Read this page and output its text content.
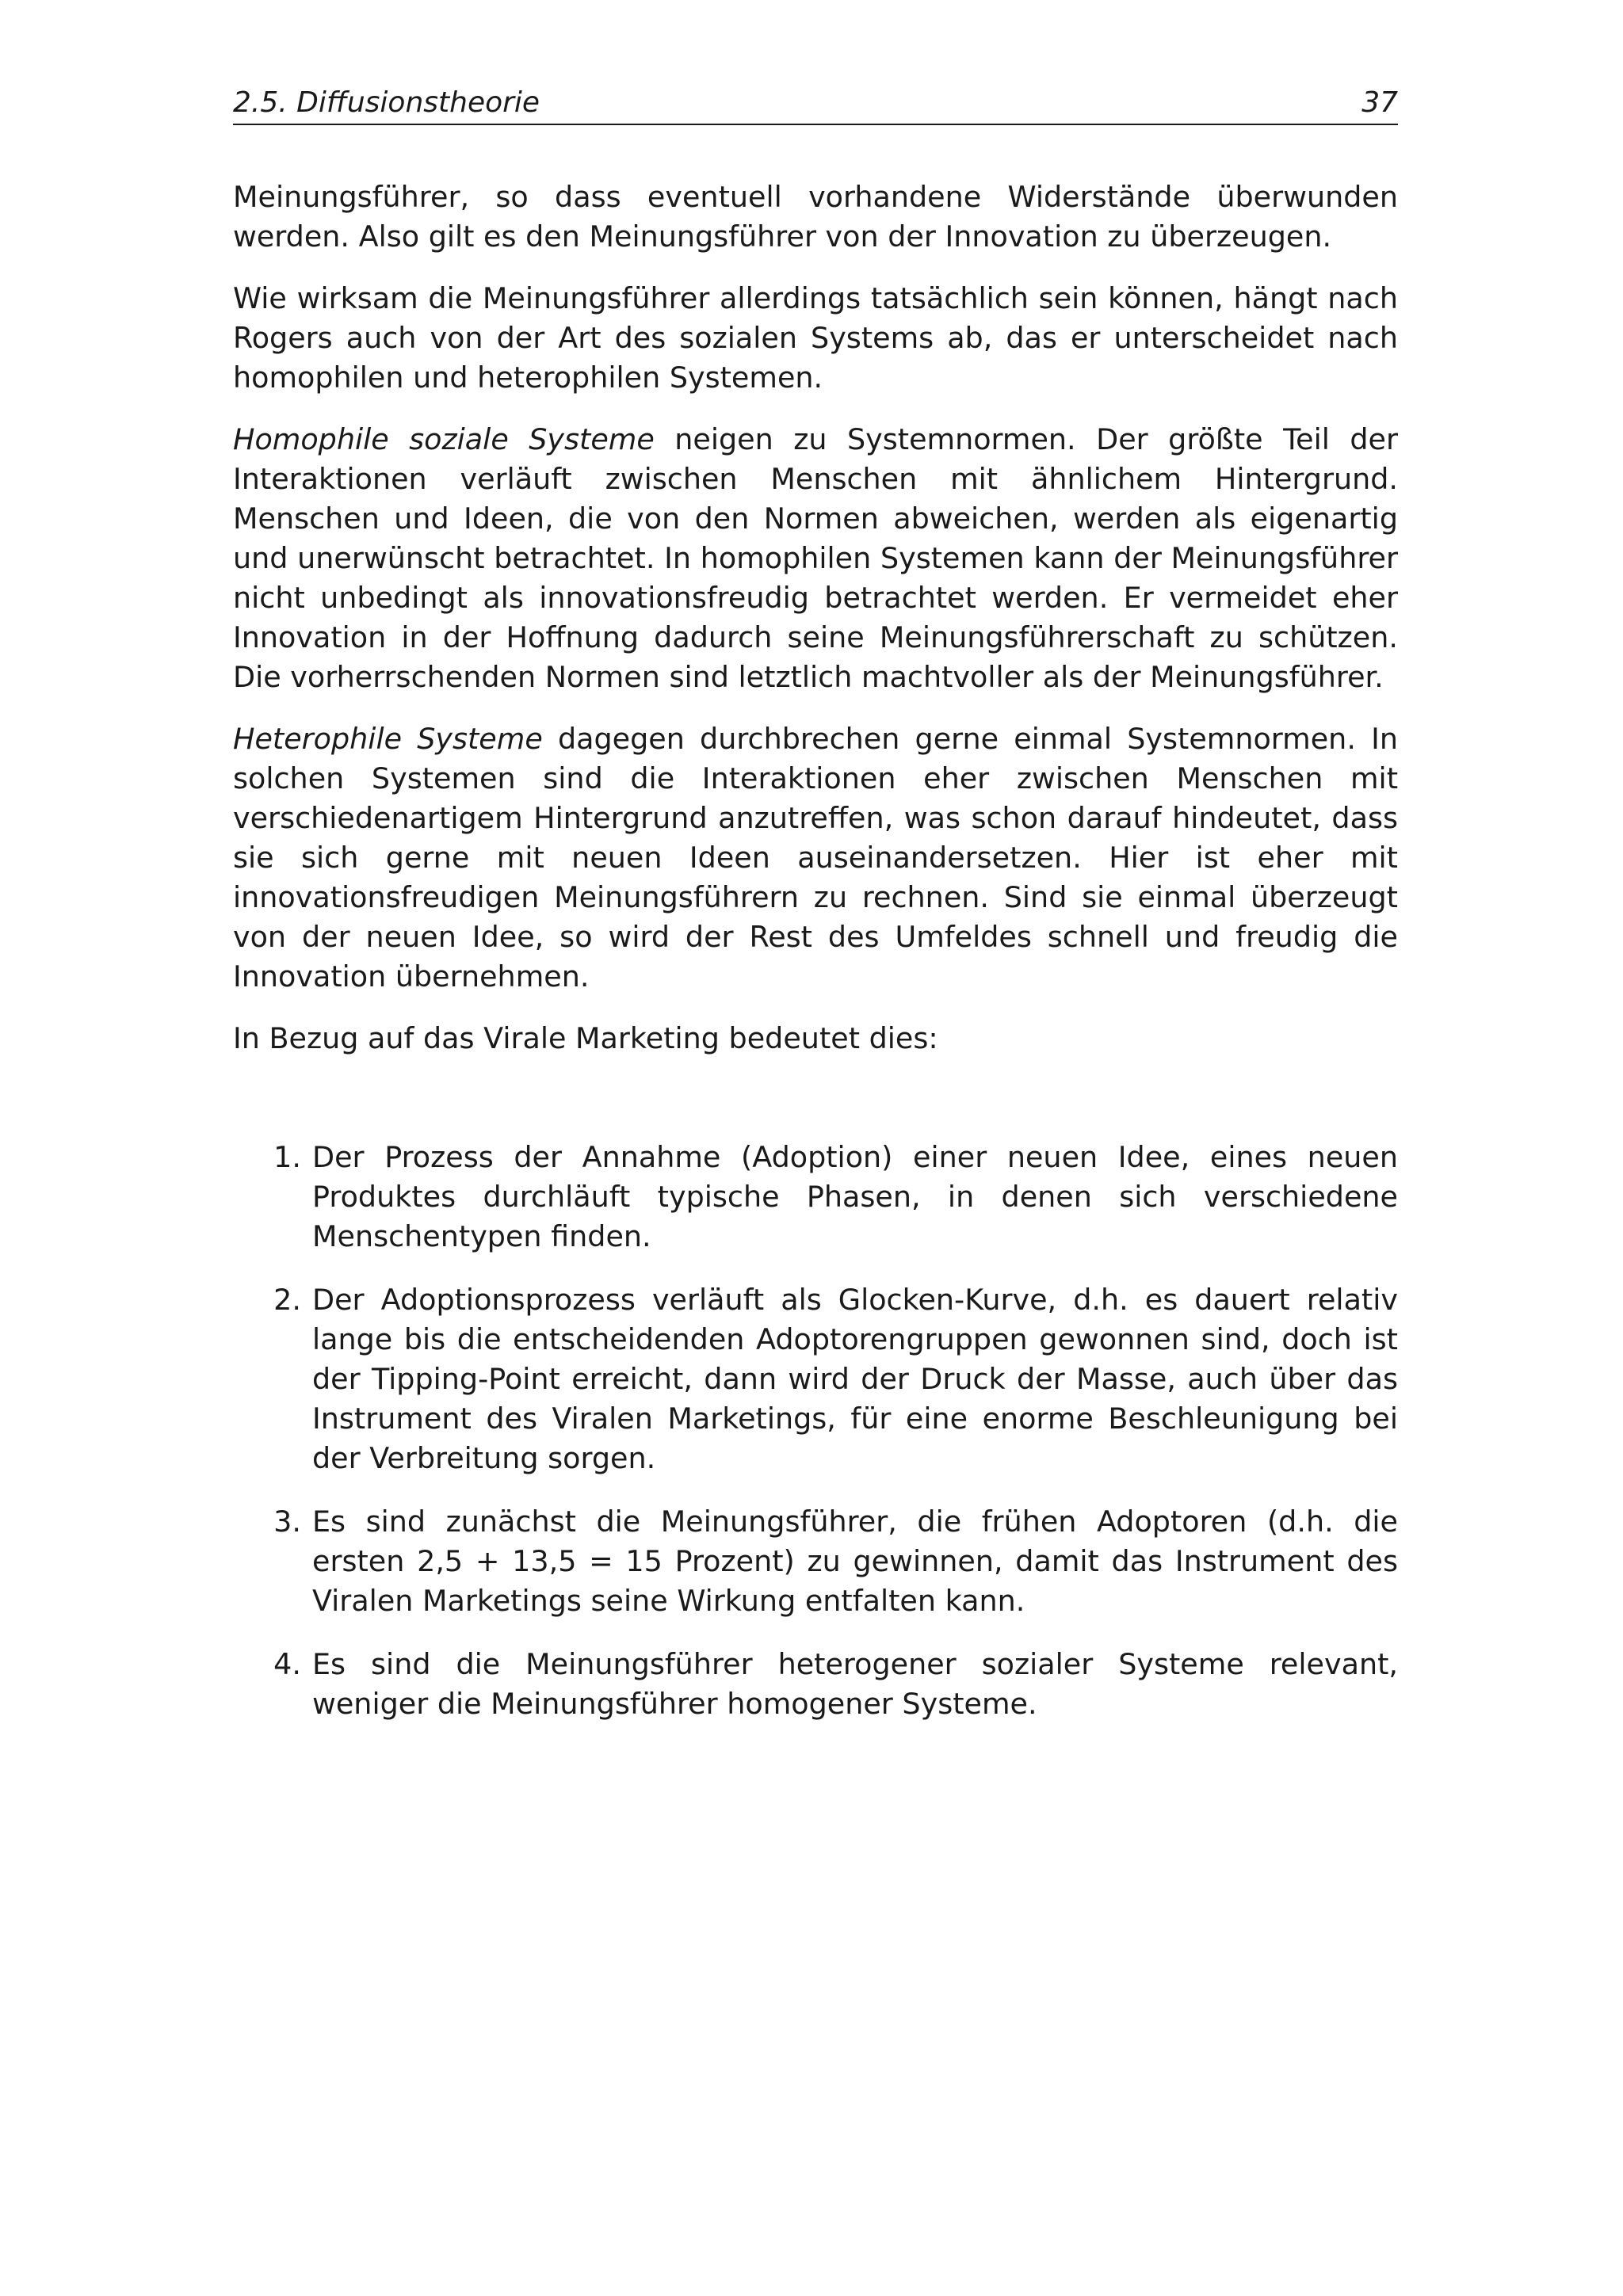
2.5. Diffusionstheorie	37

Meinungsführer, so dass eventuell vorhandene Widerstände überwunden werden. Also gilt es den Meinungsführer von der Innovation zu überzeugen.

Wie wirksam die Meinungsführer allerdings tatsächlich sein können, hängt nach Rogers auch von der Art des sozialen Systems ab, das er unterscheidet nach homophilen und heterophilen Systemen.

Homophile soziale Systeme neigen zu Systemnormen. Der größte Teil der Interaktionen verläuft zwischen Menschen mit ähnlichem Hintergrund. Menschen und Ideen, die von den Normen abweichen, werden als eigenartig und unerwünscht betrachtet. In homophilen Systemen kann der Meinungsführer nicht unbedingt als innovationsfreudig betrachtet werden. Er vermeidet eher Innovation in der Hoffnung dadurch seine Meinungsführerschaft zu schützen. Die vorherrschenden Normen sind letztlich machtvoller als der Meinungsführer.

Heterophile Systeme dagegen durchbrechen gerne einmal Systemnormen. In solchen Systemen sind die Interaktionen eher zwischen Menschen mit verschiedenartigem Hintergrund anzutreffen, was schon darauf hindeutet, dass sie sich gerne mit neuen Ideen auseinandersetzen. Hier ist eher mit innovationsfreudigen Meinungsführern zu rechnen. Sind sie einmal überzeugt von der neuen Idee, so wird der Rest des Umfeldes schnell und freudig die Innovation übernehmen.

In Bezug auf das Virale Marketing bedeutet dies:

1. Der Prozess der Annahme (Adoption) einer neuen Idee, eines neuen Produktes durchläuft typische Phasen, in denen sich verschiedene Menschentypen finden.
2. Der Adoptionsprozess verläuft als Glocken-Kurve, d.h. es dauert relativ lange bis die entscheidenden Adoptorengruppen gewonnen sind, doch ist der Tipping-Point erreicht, dann wird der Druck der Masse, auch über das Instrument des Viralen Marketings, für eine enorme Beschleunigung bei der Verbreitung sorgen.
3. Es sind zunächst die Meinungsführer, die frühen Adoptoren (d.h. die ersten 2,5 + 13,5 = 15 Prozent) zu gewinnen, damit das Instrument des Viralen Marketings seine Wirkung entfalten kann.
4. Es sind die Meinungsführer heterogener sozialer Systeme relevant, weniger die Meinungsführer homogener Systeme.
